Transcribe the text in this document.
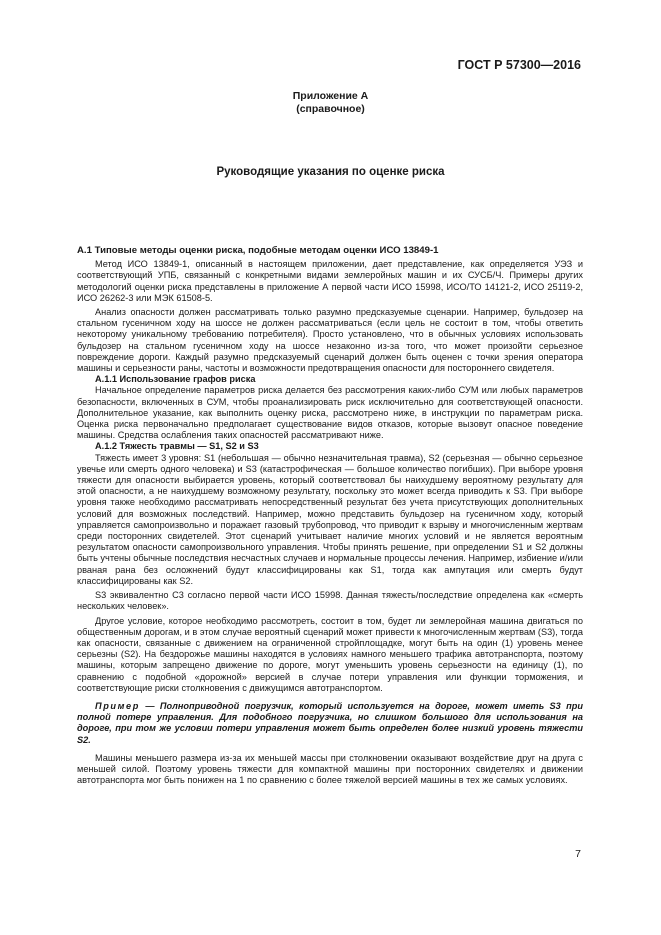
ГОСТ Р 57300—2016
Приложение А
(справочное)
Руководящие указания по оценке риска

А.1 Типовые методы оценки риска, подобные методам оценки ИСО 13849-1

Метод ИСО 13849-1, описанный в настоящем приложении, дает представление, как определяется УЭЗ и соответствующий УПБ, связанный с конкретными видами землеройных машин и их СУСБ/Ч. Примеры других методологий оценки риска представлены в приложение А первой части ИСО 15998, ИСО/ТО 14121-2, ИСО 25119-2, ИСО 26262-3 или МЭК 61508-5.

Анализ опасности должен рассматривать только разумно предсказуемые сценарии. Например, бульдозер на стальном гусеничном ходу на шоссе не должен рассматриваться (если цель не состоит в том, чтобы ответить некоторому уникальному требованию потребителя). Просто установлено, что в обычных условиях использовать бульдозер на стальном гусеничном ходу на шоссе незаконно из-за того, что может произойти серьезное повреждение дороги. Каждый разумно предсказуемый сценарий должен быть оценен с точки зрения оператора машины и серьезности раны, частоты и возможности предотвращения опасности для постороннего свидетеля.

А.1.1 Использование графов риска

Начальное определение параметров риска делается без рассмотрения каких-либо СУМ или любых параметров безопасности, включенных в СУМ, чтобы проанализировать риск исключительно для соответствующей опасности. Дополнительное указание, как выполнить оценку риска, рассмотрено ниже, в инструкции по параметрам риска. Оценка риска первоначально предполагает существование видов отказов, которые вызовут опасное поведение машины. Средства ослабления таких опасностей рассматривают ниже.

А.1.2 Тяжесть травмы — S1, S2 и S3

Тяжесть имеет 3 уровня: S1 (небольшая — обычно незначительная травма), S2 (серьезная — обычно серьезное увечье или смерть одного человека) и S3 (катастрофическая — большое количество погибших). При выборе уровня тяжести для опасности выбирается уровень, который соответствовал бы наихудшему вероятному результату для этой опасности, а не наихудшему возможному результату, поскольку это может всегда приводить к S3. При выборе уровня также необходимо рассматривать непосредственный результат без учета присутствующих дополнительных условий для возможных последствий. Например, можно представить бульдозер на гусеничном ходу, который управляется самопроизвольно и поражает газовый трубопровод, что приводит к взрыву и многочисленным жертвам среди посторонних свидетелей. Этот сценарий учитывает наличие многих условий и не является вероятным результатом опасности самопроизвольного управления. Чтобы принять решение, при определении S1 и S2 должны быть учтены обычные последствия несчастных случаев и нормальные процессы лечения. Например, избиение и/или рваная рана без осложнений будут классифицированы как S1, тогда как ампутация или смерть будут классифицированы как S2.

S3 эквивалентно C3 согласно первой части ИСО 15998. Данная тяжесть/последствие определена как «смерть нескольких человек».

Другое условие, которое необходимо рассмотреть, состоит в том, будет ли землеройная машина двигаться по общественным дорогам, и в этом случае вероятный сценарий может привести к многочисленным жертвам (S3), тогда как опасности, связанные с движением на ограниченной стройплощадке, могут быть на один (1) уровень менее серьезны (S2). На бездорожье машины находятся в условиях намного меньшего трафика автотранспорта, поэтому машины, которым запрещено движение по дороге, могут уменьшить уровень серьезности на единицу (1), по сравнению с подобной «дорожной» версией в случае потери управления или функции торможения, и соответствующие риски столкновения с движущимся автотранспортом.

Пример — Полноприводной погрузчик, который используется на дороге, может иметь S3 при полной потере управления. Для подобного погрузчика, но слишком большого для использования на дороге, при том же условии потери управления может быть определен более низкий уровень тяжести S2.

Машины меньшего размера из-за их меньшей массы при столкновении оказывают воздействие друг на друга с меньшей силой. Поэтому уровень тяжести для компактной машины при посторонних свидетелях и движении автотранспорта мог быть понижен на 1 по сравнению с более тяжелой версией машины в тех же самых условиях.

7
